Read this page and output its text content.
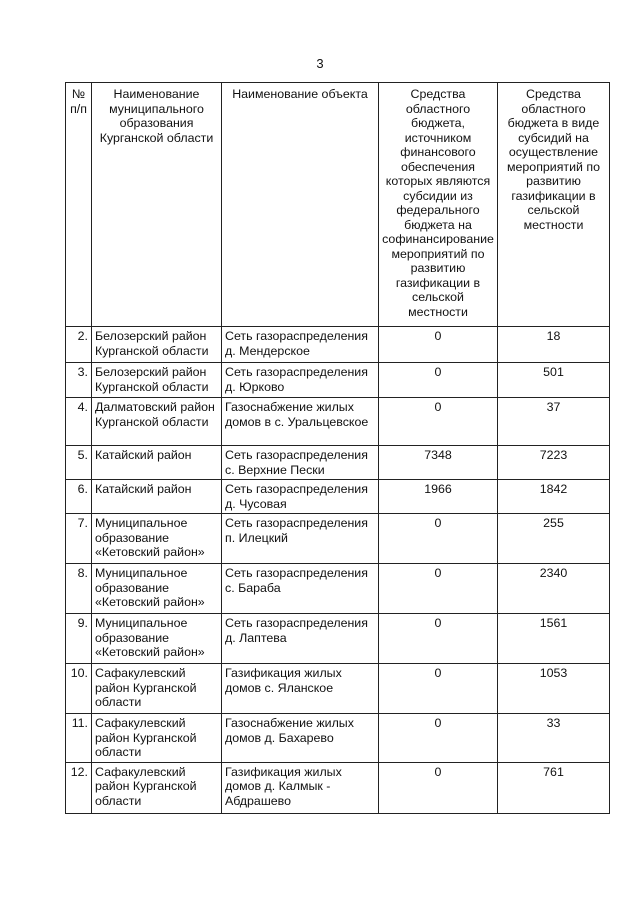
3
№ п/п	Наименование муниципального образования Курганской области	Наименование объекта	Средства областного бюджета, источником финансового обеспечения которых являются субсидии из федерального бюджета на софинансирование мероприятий по развитию газификации в сельской местности	Средства областного бюджета в виде субсидий на осуществление мероприятий по развитию газификации в сельской местности
2.	Белозерский район Курганской области	Сеть газораспределения д. Мендерское	0	18
3.	Белозерский район Курганской области	Сеть газораспределения д. Юрково	0	501
4.	Далматовский район Курганской области	Газоснабжение жилых домов в с. Уральцевское	0	37
5.	Катайский район	Сеть газораспределения с. Верхние Пески	7348	7223
6.	Катайский район	Сеть газораспределения д. Чусовая	1966	1842
7.	Муниципальное образование «Кетовский район»	Сеть газораспределения п. Илецкий	0	255
8.	Муниципальное образование «Кетовский район»	Сеть газораспределения с. Бараба	0	2340
9.	Муниципальное образование «Кетовский район»	Сеть газораспределения д. Лаптева	0	1561
10.	Сафакулевский район Курганской области	Газификация жилых домов с. Яланское	0	1053
11.	Сафакулевский район Курганской области	Газоснабжение жилых домов д. Бахарево	0	33
12.	Сафакулевский район Курганской области	Газификация жилых домов д. Калмык - Абдрашево	0	761
